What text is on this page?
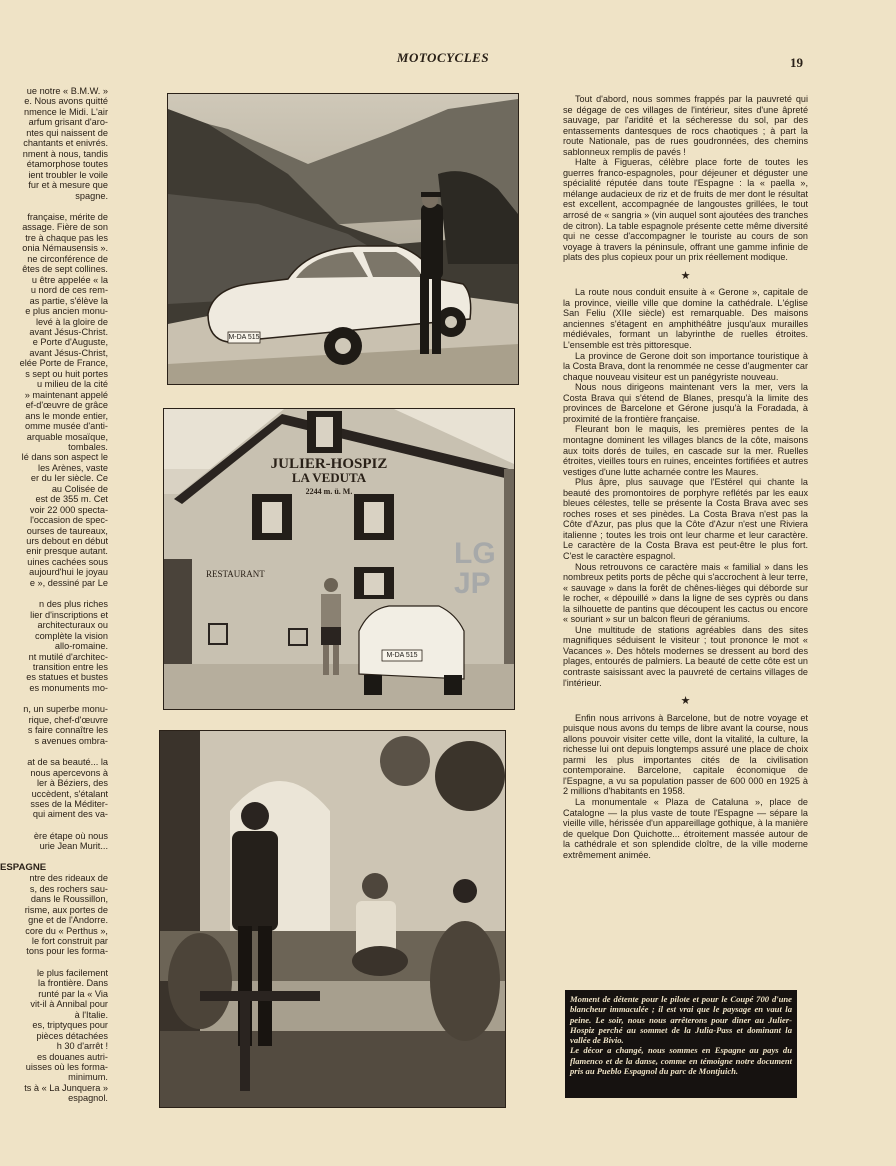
MOTOCYCLES	19

ue notre « B.M.W. »
e. Nous avons quitté
nmence le Midi. L'air
arfum grisant d'aro-
ntes qui naissent de
chantants et enivrés.
nment à nous, tandis
étamorphose toutes
ient troubler le voile
fur et à mesure que
spagne.

française, mérite de
assage. Fière de son
tre à chaque pas les
onia Némausensis ».
ne circonférence de
êtes de sept collines.
u être appelée « la
u nord de ces rem-
as partie, s'élève la
e plus ancien monu-
levé à la gloire de
avant Jésus-Christ.
e Porte d'Auguste,
avant Jésus-Christ,
elée Porte de France,
s sept ou huit portes
u milieu de la cité
» maintenant appelé
ef-d'œuvre de grâce
ans le monde entier,
omme musée d'anti-
arquable mosaïque,
tombales.
lé dans son aspect le
les Arènes, vaste
er du Ier siècle. Ce
au Colisée de
est de 355 m. Cet
voir 22 000 specta-
l'occasion de spec-
ourses de taureaux,
urs debout en début
enir presque autant.
uines cachées sous
aujourd'hui le joyau
e », dessiné par Le

n des plus riches
lier d'inscriptions et
architecturaux ou
complète la vision
allo-romaine.
nt mutilé d'architec-
transition entre les
es statues et bustes
es monuments mo-

n, un superbe monu-
rique, chef-d'œuvre
s faire connaître les
s avenues ombra-

at de sa beauté... la
nous apercevons à
ler à Béziers, des
uccèdent, s'étalant
sses de la Méditer-
qui aiment des va-

ère étape où nous
urie Jean Murit...

ESPAGNE

ntre des rideaux de
s, des rochers sau-
dans le Roussillon,
risme, aux portes de
gne et de l'Andorre.
core du « Perthus »,
le fort construit par
tons pour les forma-

le plus facilement
la frontière. Dans
runté par la « Via
vit-il à Annibal pour
à l'Italie.
es, triptyques pour
pièces détachées
h 30 d'arrêt !
es douanes autri-
uisses où les forma-
minimum.
ts à « La Junquera »
espagnol.

M-DA 515
JULIER-HOSPIZ
LA VEDUTA
2244 m. ü. M.
RESTAURANT
M-DA 515
LG JP

Tout d'abord, nous sommes frappés par la pauvreté qui se dégage de ces villages de l'intérieur, sites d'une âpreté sauvage, par l'aridité et la sécheresse du sol, par des entassements dantesques de rocs chaotiques ; à part la route Nationale, pas de rues goudronnées, des chemins sablonneux remplis de pavés !

Halte à Figueras, célèbre place forte de toutes les guerres franco-espagnoles, pour déjeuner et déguster une spécialité réputée dans toute l'Espagne : la « paella », mélange audacieux de riz et de fruits de mer dont le résultat est excellent, accompagnée de langoustes grillées, le tout arrosé de « sangria » (vin auquel sont ajoutées des tranches de citron). La table espagnole présente cette même diversité qui ne cesse d'accompagner le touriste au cours de son voyage à travers la péninsule, offrant une gamme infinie de plats des plus copieux pour un prix réellement modique.

★

La route nous conduit ensuite à « Gerone », capitale de la province, vieille ville que domine la cathédrale. L'église San Feliu (XIIe siècle) est remarquable. Des maisons anciennes s'étagent en amphithéâtre jusqu'aux murailles médiévales, formant un labyrinthe de ruelles étroites. L'ensemble est très pittoresque.

La province de Gerone doit son importance touristique à la Costa Brava, dont la renommée ne cesse d'augmenter car chaque nouveau visiteur est un panégyriste nouveau.

Nous nous dirigeons maintenant vers la mer, vers la Costa Brava qui s'étend de Blanes, presqu'à la limite des provinces de Barcelone et Gérone jusqu'à la Foradada, à proximité de la frontière française.

Fleurant bon le maquis, les premières pentes de la montagne dominent les villages blancs de la côte, maisons aux toits dorés de tuiles, en cascade sur la mer. Ruelles étroites, vieilles tours en ruines, enceintes fortifiées et autres vestiges d'une lutte acharnée contre les Maures.

Plus âpre, plus sauvage que l'Estérel qui chante la beauté des promontoires de porphyre reflétés par les eaux bleues célestes, telle se présente la Costa Brava avec ses roches roses et ses pinèdes. La Costa Brava n'est pas la Côte d'Azur, pas plus que la Côte d'Azur n'est une Riviera italienne ; toutes les trois ont leur charme et leur caractère. Le caractère de la Costa Brava est peut-être le plus fort. C'est le caractère espagnol.

Nous retrouvons ce caractère mais « familial » dans les nombreux petits ports de pêche qui s'accrochent à leur terre, « sauvage » dans la forêt de chênes-lièges qui déborde sur le rocher, « dépouillé » dans la ligne de ses cyprès ou dans la silhouette de pantins que découpent les cactus ou encore « souriant » sur un balcon fleuri de géraniums.

Une multitude de stations agréables dans des sites magnifiques séduisent le visiteur ; tout prononce le mot « Vacances ». Des hôtels modernes se dressent au bord des plages, entourés de palmiers. La beauté de cette côte est un contraste saisissant avec la pauvreté de certains villages de l'intérieur.

★

Enfin nous arrivons à Barcelone, but de notre voyage et puisque nous avons du temps de libre avant la course, nous allons pouvoir visiter cette ville, dont la vitalité, la culture, la richesse lui ont depuis longtemps assuré une place de choix parmi les plus importantes cités de la civilisation contemporaine. Barcelone, capitale économique de l'Espagne, a vu sa population passer de 600 000 en 1925 à 2 millions d'habitants en 1958.

La monumentale « Plaza de Cataluna », place de Catalogne — la plus vaste de toute l'Espagne — sépare la vieille ville, hérissée d'un appareillage gothique, à la manière de quelque Don Quichotte... étroitement massée autour de la cathédrale et son splendide cloître, de la ville moderne extrêmement animée.

Moment de détente pour le pilote et pour le Coupé 700 d'une blancheur immaculée ; il est vrai que le paysage en vaut la peine. Le soir, nous nous arrêterons pour diner au Julier-Hospiz perché au sommet de la Julia-Pass et dominant la vallée de Bivio.

Le décor a changé, nous sommes en Espagne au pays du flamenco et de la danse, comme en témoigne notre document pris au Pueblo Espagnol du parc de Montjuich.
